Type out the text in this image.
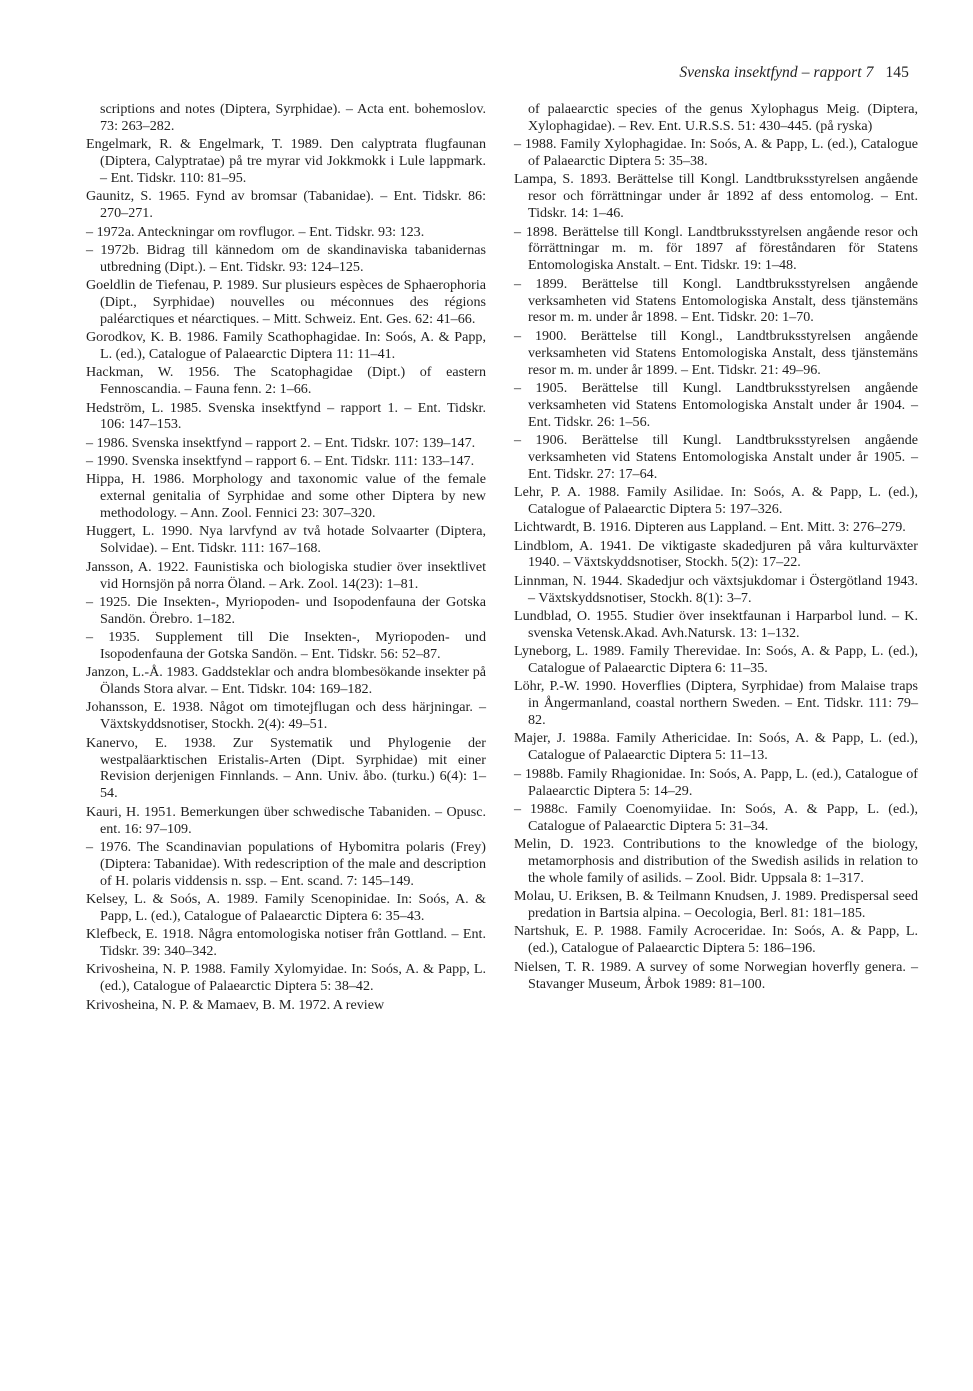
Svenska insektfynd – rapport 7 145

scriptions and notes (Diptera, Syrphidae). – Acta ent. bohemoslov. 73: 263–282.

Engelmark, R. & Engelmark, T. 1989. Den calyptrata flugfaunan (Diptera, Calyptratae) på tre myrar vid Jokkmokk i Lule lappmark. – Ent. Tidskr. 110: 81–95.

Gaunitz, S. 1965. Fynd av bromsar (Tabanidae). – Ent. Tidskr. 86: 270–271.

– 1972a. Anteckningar om rovflugor. – Ent. Tidskr. 93: 123.

– 1972b. Bidrag till kännedom om de skandinaviska tabanidernas utbredning (Dipt.). – Ent. Tidskr. 93: 124–125.

Goeldlin de Tiefenau, P. 1989. Sur plusieurs espèces de Sphaerophoria (Dipt., Syrphidae) nouvelles ou méconnues des régions paléarctiques et néarctiques. – Mitt. Schweiz. Ent. Ges. 62: 41–66.

Gorodkov, K. B. 1986. Family Scathophagidae. In: Soós, A. & Papp, L. (ed.), Catalogue of Palaearctic Diptera 11: 11–41.

Hackman, W. 1956. The Scatophagidae (Dipt.) of eastern Fennoscandia. – Fauna fenn. 2: 1–66.

Hedström, L. 1985. Svenska insektfynd – rapport 1. – Ent. Tidskr. 106: 147–153.

– 1986. Svenska insektfynd – rapport 2. – Ent. Tidskr. 107: 139–147.

– 1990. Svenska insektfynd – rapport 6. – Ent. Tidskr. 111: 133–147.

Hippa, H. 1986. Morphology and taxonomic value of the female external genitalia of Syrphidae and some other Diptera by new methodology. – Ann. Zool. Fennici 23: 307–320.

Huggert, L. 1990. Nya larvfynd av två hotade Solvaarter (Diptera, Solvidae). – Ent. Tidskr. 111: 167–168.

Jansson, A. 1922. Faunistiska och biologiska studier över insektlivet vid Hornsjön på norra Öland. – Ark. Zool. 14(23): 1–81.

– 1925. Die Insekten-, Myriopoden- und Isopodenfauna der Gotska Sandön. Örebro. 1–182.

– 1935. Supplement till Die Insekten-, Myriopoden- und Isopodenfauna der Gotska Sandön. – Ent. Tidskr. 56: 52–87.

Janzon, L.-Å. 1983. Gaddsteklar och andra blombesökande insekter på Ölands Stora alvar. – Ent. Tidskr. 104: 169–182.

Johansson, E. 1938. Något om timotejflugan och dess härjningar. – Växtskyddsnotiser, Stockh. 2(4): 49–51.

Kanervo, E. 1938. Zur Systematik und Phylogenie der westpaläarktischen Eristalis-Arten (Dipt. Syrphidae) mit einer Revision derjenigen Finnlands. – Ann. Univ. åbo. (turku.) 6(4): 1–54.

Kauri, H. 1951. Bemerkungen über schwedische Tabaniden. – Opusc. ent. 16: 97–109.

– 1976. The Scandinavian populations of Hybomitra polaris (Frey) (Diptera: Tabanidae). With redescription of the male and description of H. polaris viddensis n. ssp. – Ent. scand. 7: 145–149.

Kelsey, L. & Soós, A. 1989. Family Scenopinidae. In: Soós, A. & Papp, L. (ed.), Catalogue of Palaearctic Diptera 6: 35–43.

Klefbeck, E. 1918. Några entomologiska notiser från Gottland. – Ent. Tidskr. 39: 340–342.

Krivosheina, N. P. 1988. Family Xylomyidae. In: Soós, A. & Papp, L. (ed.), Catalogue of Palaearctic Diptera 5: 38–42.

Krivosheina, N. P. & Mamaev, B. M. 1972. A review

of palaearctic species of the genus Xylophagus Meig. (Diptera, Xylophagidae). – Rev. Ent. U.R.S.S. 51: 430–445. (på ryska)

– 1988. Family Xylophagidae. In: Soós, A. & Papp, L. (ed.), Catalogue of Palaearctic Diptera 5: 35–38.

Lampa, S. 1893. Berättelse till Kongl. Landtbruksstyrelsen angående resor och förrättningar under år 1892 af dess entomolog. – Ent. Tidskr. 14: 1–46.

– 1898. Berättelse till Kongl. Landtbruksstyrelsen angående resor och förrättningar m. m. för 1897 af föreståndaren för Statens Entomologiska Anstalt. – Ent. Tidskr. 19: 1–48.

– 1899. Berättelse till Kongl. Landtbruksstyrelsen angående verksamheten vid Statens Entomologiska Anstalt, dess tjänstemäns resor m. m. under år 1898. – Ent. Tidskr. 20: 1–70.

– 1900. Berättelse till Kongl., Landtbruksstyrelsen angående verksamheten vid Statens Entomologiska Anstalt, dess tjänstemäns resor m. m. under år 1899. – Ent. Tidskr. 21: 49–96.

– 1905. Berättelse till Kungl. Landtbruksstyrelsen angående verksamheten vid Statens Entomologiska Anstalt under år 1904. – Ent. Tidskr. 26: 1–56.

– 1906. Berättelse till Kungl. Landtbruksstyrelsen angående verksamheten vid Statens Entomologiska Anstalt under år 1905. – Ent. Tidskr. 27: 17–64.

Lehr, P. A. 1988. Family Asilidae. In: Soós, A. & Papp, L. (ed.), Catalogue of Palaearctic Diptera 5: 197–326.

Lichtwardt, B. 1916. Dipteren aus Lappland. – Ent. Mitt. 3: 276–279.

Lindblom, A. 1941. De viktigaste skadedjuren på våra kulturväxter 1940. – Växtskyddsnotiser, Stockh. 5(2): 17–22.

Linnman, N. 1944. Skadedjur och växtsjukdomar i Östergötland 1943. – Växtskyddsnotiser, Stockh. 8(1): 3–7.

Lundblad, O. 1955. Studier över insektfaunan i Harparbol lund. – K. svenska Vetensk.Akad. Avh.Natursk. 13: 1–132.

Lyneborg, L. 1989. Family Therevidae. In: Soós, A. & Papp, L. (ed.), Catalogue of Palaearctic Diptera 6: 11–35.

Löhr, P.-W. 1990. Hoverflies (Diptera, Syrphidae) from Malaise traps in Ångermanland, coastal northern Sweden. – Ent. Tidskr. 111: 79–82.

Majer, J. 1988a. Family Athericidae. In: Soós, A. & Papp, L. (ed.), Catalogue of Palaearctic Diptera 5: 11–13.

– 1988b. Family Rhagionidae. In: Soós, A. Papp, L. (ed.), Catalogue of Palaearctic Diptera 5: 14–29.

– 1988c. Family Coenomyiidae. In: Soós, A. & Papp, L. (ed.), Catalogue of Palaearctic Diptera 5: 31–34.

Melin, D. 1923. Contributions to the knowledge of the biology, metamorphosis and distribution of the Swedish asilids in relation to the whole family of asilids. – Zool. Bidr. Uppsala 8: 1–317.

Molau, U. Eriksen, B. & Teilmann Knudsen, J. 1989. Predispersal seed predation in Bartsia alpina. – Oecologia, Berl. 81: 181–185.

Nartshuk, E. P. 1988. Family Acroceridae. In: Soós, A. & Papp, L. (ed.), Catalogue of Palaearctic Diptera 5: 186–196.

Nielsen, T. R. 1989. A survey of some Norwegian hoverfly genera. – Stavanger Museum, Årbok 1989: 81–100.
